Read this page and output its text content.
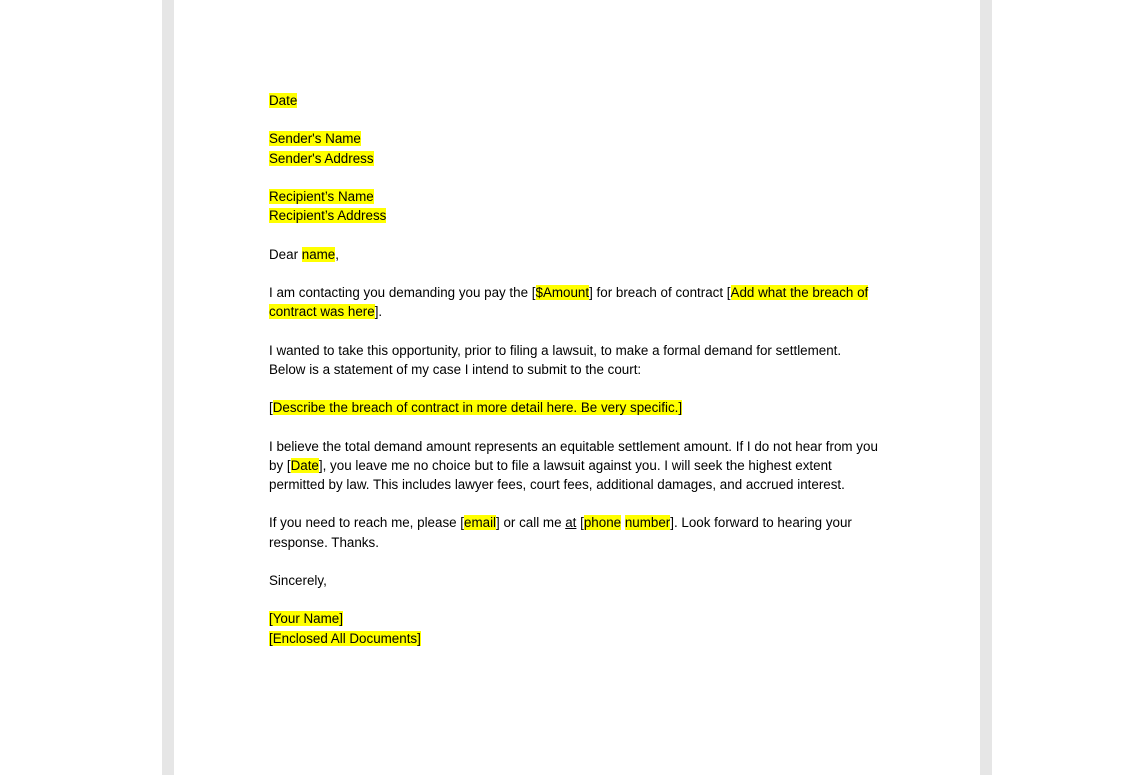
Date
Sender's Name
Sender's Address
Recipient’s Name
Recipient’s Address
Dear name,
I am contacting you demanding you pay the [$Amount] for breach of contract [Add what the breach of
contract was here].
I wanted to take this opportunity, prior to filing a lawsuit, to make a formal demand for settlement.
Below is a statement of my case I intend to submit to the court:
[Describe the breach of contract in more detail here. Be very specific.]
I believe the total demand amount represents an equitable settlement amount. If I do not hear from you
by [Date], you leave me no choice but to file a lawsuit against you. I will seek the highest extent
permitted by law. This includes lawyer fees, court fees, additional damages, and accrued interest.
If you need to reach me, please [email] or call me at [phone number]. Look forward to hearing your
response. Thanks.
Sincerely,
[Your Name]
[Enclosed All Documents]
